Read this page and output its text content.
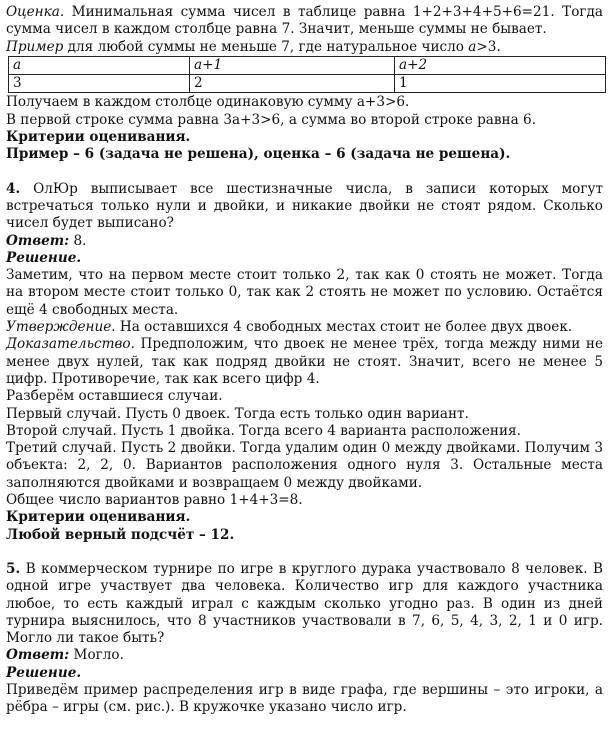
Оценка. Минимальная сумма чисел в таблице равна 1+2+3+4+5+6=21. Тогда сумма чисел в каждом столбце равна 7. Значит, меньше суммы не бывает.

Пример для любой суммы не меньше 7, где натуральное число a>3.

a	a+1	a+2
3	2	1

Получаем в каждом столбце одинаковую сумму a+3>6.

В первой строке сумма равна 3a+3>6, а сумма во второй строке равна 6.

Критерии оценивания.

Пример – 6 (задача не решена), оценка – 6 (задача не решена).

4. ОлЮр выписывает все шестизначные числа, в записи которых могут встречаться только нули и двойки, и никакие двойки не стоят рядом. Сколько чисел будет выписано?

Ответ: 8.

Решение.

Заметим, что на первом месте стоит только 2, так как 0 стоять не может. Тогда на втором месте стоит только 0, так как 2 стоять не может по условию. Остаётся ещё 4 свободных места.

Утверждение. На оставшихся 4 свободных местах стоит не более двух двоек.

Доказательство. Предположим, что двоек не менее трёх, тогда между ними не менее двух нулей, так как подряд двойки не стоят. Значит, всего не менее 5 цифр. Противоречие, так как всего цифр 4.

Разберём оставшиеся случаи.

Первый случай. Пусть 0 двоек. Тогда есть только один вариант.

Второй случай. Пусть 1 двойка. Тогда всего 4 варианта расположения.

Третий случай. Пусть 2 двойки. Тогда удалим один 0 между двойками. Получим 3 объекта: 2, 2, 0. Вариантов расположения одного нуля 3. Остальные места заполняются двойками и возвращаем 0 между двойками.

Общее число вариантов равно 1+4+3=8.

Критерии оценивания.

Любой верный подсчёт – 12.

5. В коммерческом турнире по игре в круглого дурака участвовало 8 человек. В одной игре участвует два человека. Количество игр для каждого участника любое, то есть каждый играл с каждым сколько угодно раз. В один из дней турнира выяснилось, что 8 участников участвовали в 7, 6, 5, 4, 3, 2, 1 и 0 игр. Могло ли такое быть?

Ответ: Могло.

Решение.

Приведём пример распределения игр в виде графа, где вершины – это игроки, а рёбра – игры (см. рис.). В кружочке указано число игр.
